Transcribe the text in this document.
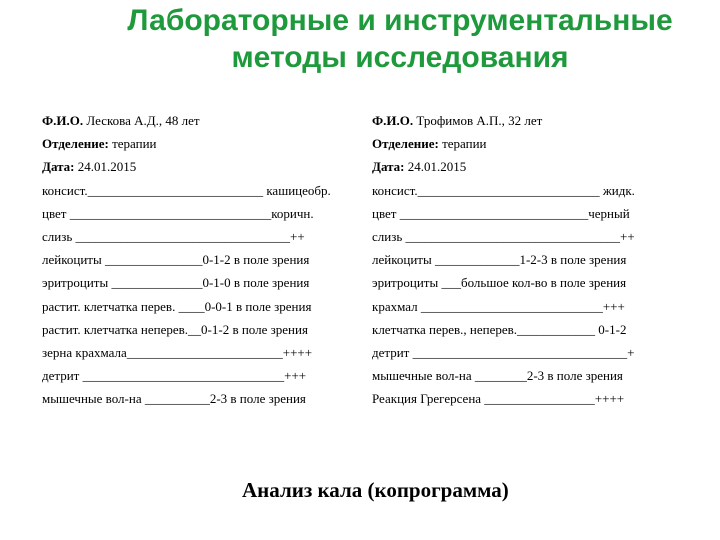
Лабораторные и инструментальные
методы исследования
Ф.И.О. Лескова А.Д., 48 лет
Отделение: терапии
Дата: 24.01.2015
конcист.___________________________ кашицеобр.
цвет _______________________________коричн.
слизь _________________________________++
лейкоциты _______________0-1-2 в поле зрения
эритроциты ______________0-1-0 в поле зрения
растит. клетчатка перев. ____0-0-1 в поле зрения
растит. клетчатка неперев.__0-1-2 в поле зрения
зерна крахмала________________________++++
детрит _______________________________+++
мышечные вол-на __________2-3 в поле зрения
Ф.И.О. Трофимов А.П., 32 лет
Отделение: терапии
Дата: 24.01.2015
консист.____________________________ жидк.
цвет _____________________________черный
слизь _________________________________++
лейкоциты _____________1-2-3 в поле зрения
эритроциты ___большое кол-во в поле зрения
крахмал ____________________________+++
клетчатка перев., неперев.____________ 0-1-2
детрит _________________________________+
мышечные вол-на ________2-3 в поле зрения
Реакция Грегерсена _________________++++
Анализ кала (копрограмма)
